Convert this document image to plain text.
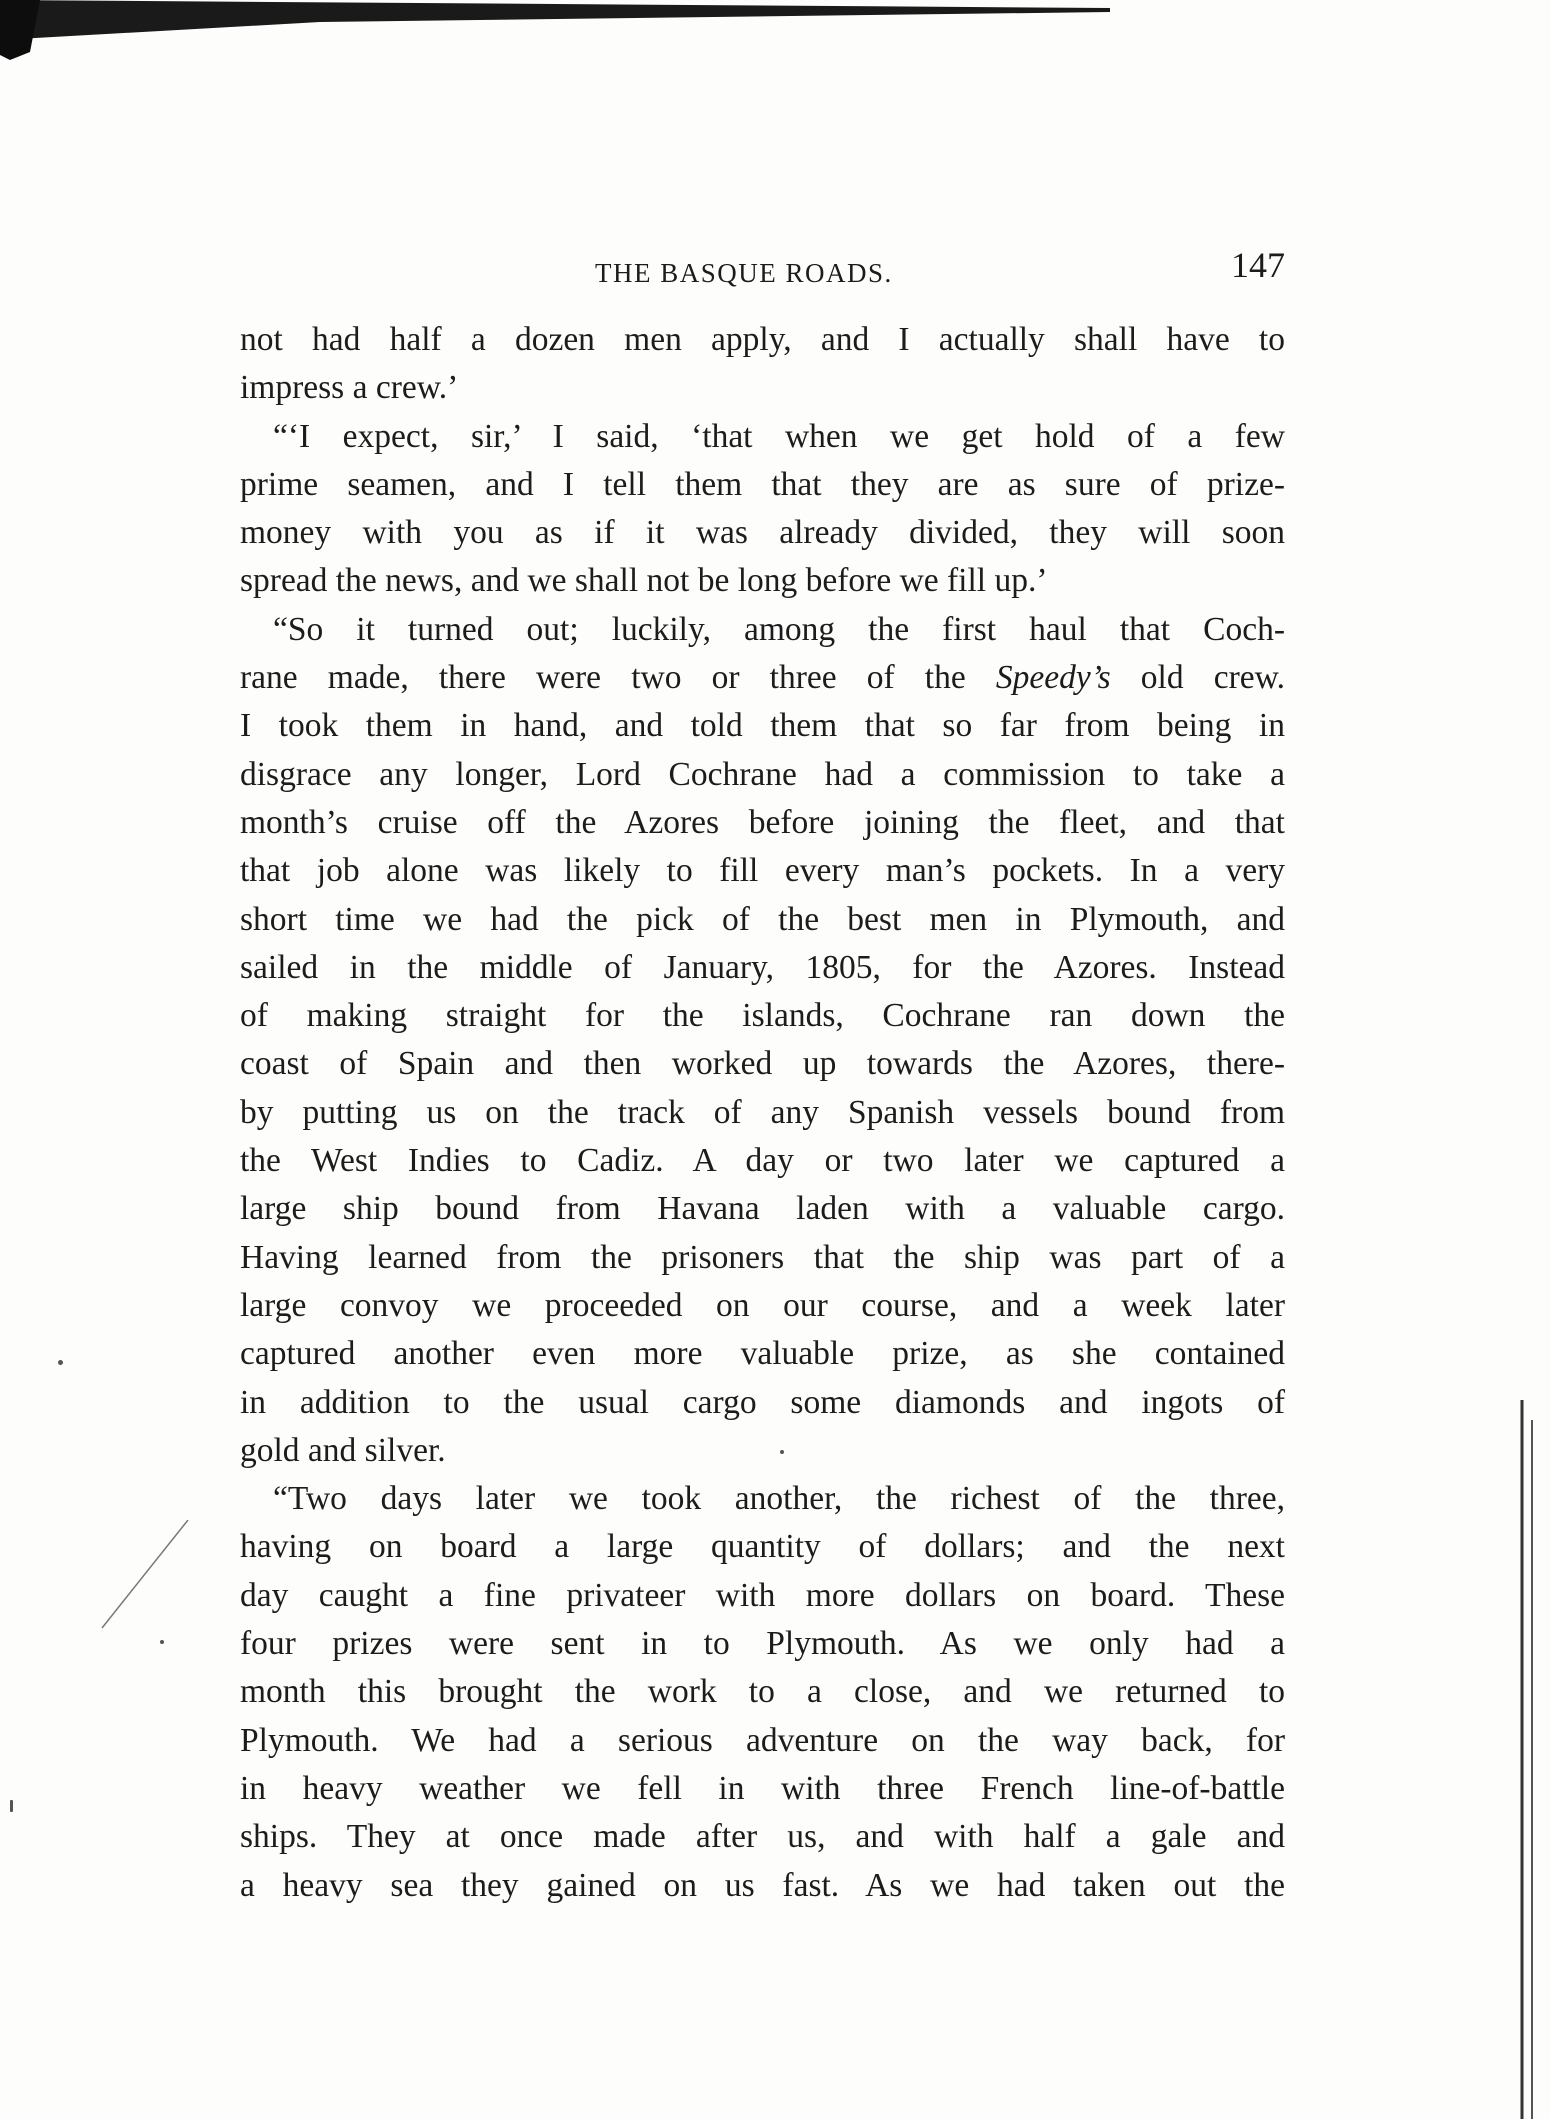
THE BASQUE ROADS.	147
not had half a dozen men apply, and I actually shall have to
impress a crew.’
“‘I expect, sir,’ I said, ‘that when we get hold of a few
prime seamen, and I tell them that they are as sure of prize-
money with you as if it was already divided, they will soon
spread the news, and we shall not be long before we fill up.’
“So it turned out; luckily, among the first haul that Coch-
rane made, there were two or three of the Speedy’s old crew.
I took them in hand, and told them that so far from being in
disgrace any longer, Lord Cochrane had a commission to take a
month’s cruise off the Azores before joining the fleet, and that
that job alone was likely to fill every man’s pockets. In a very
short time we had the pick of the best men in Plymouth, and
sailed in the middle of January, 1805, for the Azores. Instead
of making straight for the islands, Cochrane ran down the
coast of Spain and then worked up towards the Azores, there-
by putting us on the track of any Spanish vessels bound from
the West Indies to Cadiz. A day or two later we captured a
large ship bound from Havana laden with a valuable cargo.
Having learned from the prisoners that the ship was part of a
large convoy we proceeded on our course, and a week later
captured another even more valuable prize, as she contained
in addition to the usual cargo some diamonds and ingots of
gold and silver.
“Two days later we took another, the richest of the three,
having on board a large quantity of dollars; and the next
day caught a fine privateer with more dollars on board. These
four prizes were sent in to Plymouth. As we only had a
month this brought the work to a close, and we returned to
Plymouth. We had a serious adventure on the way back, for
in heavy weather we fell in with three French line-of-battle
ships. They at once made after us, and with half a gale and
a heavy sea they gained on us fast. As we had taken out the
